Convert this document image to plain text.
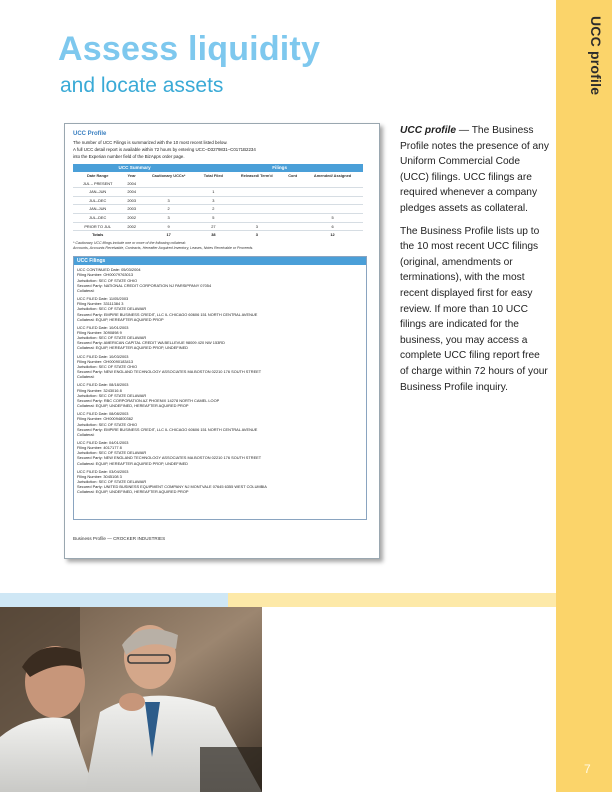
UCC profile
7
Assess liquidity
and locate assets
UCC Profile

The number of UCC Filings is summarized with the 10 most recent listed below.

A full UCC detail report is available within 72 hours by entering UCC–D3279831–C0171B2234

into the Experian number field of the BizApps order page.

UCC Summary			Filings			
Date Range	Year	Cautionary UCCs*	Total Filed	Released/ Term'd	Cont	Amended/ Assigned
JUL – PRESENT	2004					
JAN–JUN	2004		1			
JUL–DEC	2003	3	3			
JAN–JUN	2003	2	2			
JUL–DEC	2002	3	5			5
PRIOR TO JUL	2002	9	27	3		6
Totals		17	38	3		12

* Cautionary UCC filings include one or more of the following collateral:

Accounts, Accounts Receivable, Contracts, Hereafter Acquired Inventory, Leases, Notes Receivable or Proceeds.

UCC Filings
UCC CONTINUED Date: 05/03/2004
Filing Number: OH00079763013
Jurisdiction: SEC OF STATE OHIO
Secured Party: NATIONAL CREDIT CORPORATION NJ PARSIPPANY 07054
Collateral:
UCC FILED Date: 11/05/2003
Filing Number: 33111384 3
Jurisdiction: SEC OF STATE DELAWAR
Secured Party: EMPIRE BUSINESS CREDIT, LLC IL CHICAGO 60606 151 NORTH CENTRAL AVENUE
Collateral: EQUIP, HEREAFTER AQUIRED PROP
UCC FILED Date: 10/01/2003
Filing Number: 3090898 9
Jurisdiction: SEC OF STATE DELAWAR
Secured Party: AMERICAN CAPITAL CREDIT WA BELLEVUE 98009 420 NW 153RD
Collateral: EQUIP, HEREAFTER AQUIRED PROP, UNDEFINED
UCC FILED Date: 10/03/2003
Filing Number: OH00090183413
Jurisdiction: SEC OF STATE OHIO
Secured Party: NEW ENGLAND TECHNOLOGY ASSOCIATES MA BOSTON 02210 176 SOUTH STREET
Collateral:
UCC FILED Date: 08/18/2003
Filing Number: 3243016 8
Jurisdiction: SEC OF STATE DELAWAR
Secured Party: RBC CORPORATION AZ PHOENIX 14278 NORTH CAMEL LOOP
Collateral: EQUIP, UNDEFINED, HEREAFTER AQUIRED PROP
UCC FILED Date: 08/08/2003
Filing Number: OH00094800362
Jurisdiction: SEC OF STATE OHIO
Secured Party: EMPIRE BUSINESS CREDIT, LLC IL CHICAGO 60606 151 NORTH CENTRAL AVENUE
Collateral:
UCC FILED Date: 04/01/2003
Filing Number: 4017177 8
Jurisdiction: SEC OF STATE DELAWAR
Secured Party: NEW ENGLAND TECHNOLOGY ASSOCIATES MA BOSTON 02210 176 SOUTH STREET
Collateral: EQUIP, HEREAFTER AQUIRED PROP, UNDEFINED
UCC FILED Date: 03/04/2003
Filing Number: 3045108 3
Jurisdiction: SEC OF STATE DELAWAR
Secured Party: UNITED BUSINESS EQUIPMENT COMPANY NJ MONTVALE 07645 6355 WEST COLUMBIA
Collateral: EQUIP, UNDEFINED, HEREAFTER AQUIRED PROP
Business Profile — CROCKER INDUSTRIES

UCC profile — The Business Profile notes the presence of any Uniform Commercial Code (UCC) filings. UCC filings are required whenever a company pledges assets as collateral.

The Business Profile lists up to the 10 most recent UCC filings (original, amendments or terminations), with the most recent displayed first for easy review. If more than 10 UCC filings are indicated for the business, you may access a complete UCC filing report free of charge within 72 hours of your Business Profile inquiry.
